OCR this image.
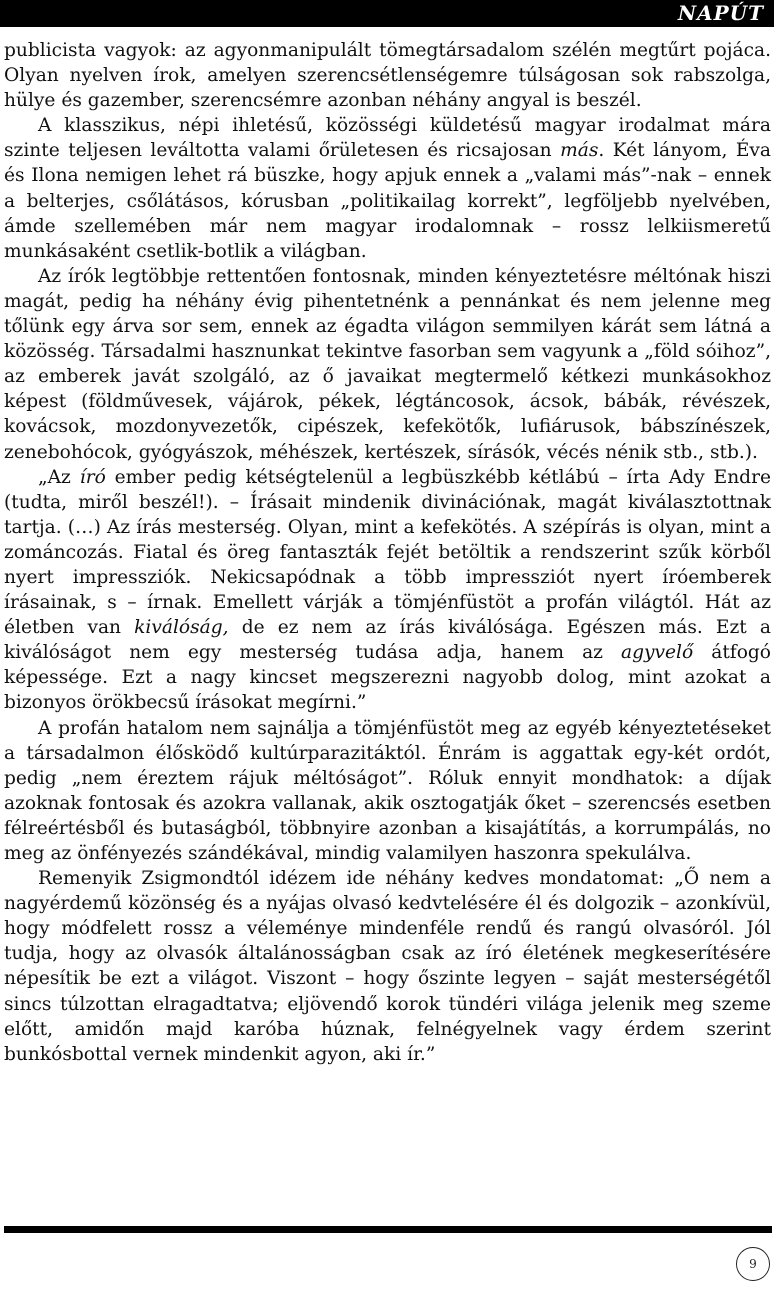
NAPÚT

publicista vagyok: az agyonmanipulált tömegtársadalom szélén megtűrt pojáca. Olyan nyelven írok, amelyen szerencsétlenségemre túlságosan sok rabszolga, hülye és gazember, szerencsémre azonban néhány angyal is beszél.

A klasszikus, népi ihletésű, közösségi küldetésű magyar irodalmat mára szinte teljesen leváltotta valami őrületesen és ricsajosan más. Két lányom, Éva és Ilona nemigen lehet rá büszke, hogy apjuk ennek a „valami más”-nak – ennek a belterjes, csőlátásos, kórusban „politikailag korrekt”, legföljebb nyelvében, ámde szellemében már nem magyar irodalomnak – rossz lelkiismeretű munkásaként csetlik-botlik a világban.

Az írók legtöbbje rettentően fontosnak, minden kényeztetésre méltónak hiszi magát, pedig ha néhány évig pihentetnénk a pennánkat és nem jelenne meg tőlünk egy árva sor sem, ennek az égadta világon semmilyen kárát sem látná a közösség. Társadalmi hasznunkat tekintve fasorban sem vagyunk a „föld sóihoz”, az emberek javát szolgáló, az ő javaikat megtermelő kétkezi munkásokhoz képest (földművesek, vájárok, pékek, légtáncosok, ácsok, bábák, révészek, kovácsok, mozdonyvezetők, cipészek, kefekötők, lufiárusok, bábszínészek, zenebohócok, gyógyászok, méhészek, kertészek, sírásók, vécés nénik stb., stb.).

„Az író ember pedig kétségtelenül a legbüszkébb kétlábú – írta Ady Endre (tudta, miről beszél!). – Írásait mindenik divinációnak, magát kiválasztottnak tartja. (…) Az írás mesterség. Olyan, mint a kefekötés. A szépírás is olyan, mint a zománcozás. Fiatal és öreg fantaszták fejét betöltik a rendszerint szűk körből nyert impressziók. Nekicsapódnak a több impressziót nyert íróemberek írásainak, s – írnak. Emellett várják a tömjénfüstöt a profán világtól. Hát az életben van kiválóság, de ez nem az írás kiválósága. Egészen más. Ezt a kiválóságot nem egy mesterség tudása adja, hanem az agyvelő átfogó képessége. Ezt a nagy kincset megszerezni nagyobb dolog, mint azokat a bizonyos örökbecsű írásokat megírni.”

A profán hatalom nem sajnálja a tömjénfüstöt meg az egyéb kényeztetéseket a társadalmon élősködő kultúrparazitáktól. Énrám is aggattak egy-két ordót, pedig „nem éreztem rájuk méltóságot”. Róluk ennyit mondhatok: a díjak azoknak fontosak és azokra vallanak, akik osztogatják őket – szerencsés esetben félreértésből és butaságból, többnyire azonban a kisajátítás, a korrumpálás, no meg az önfényezés szándékával, mindig valamilyen haszonra spekulálva.

Remenyik Zsigmondtól idézem ide néhány kedves mondatomat: „Ő nem a nagyérdemű közönség és a nyájas olvasó kedvtelésére él és dolgozik – azonkívül, hogy módfelett rossz a véleménye mindenféle rendű és rangú olvasóról. Jól tudja, hogy az olvasók általánosságban csak az író életének megkeserítésére népesítik be ezt a világot. Viszont – hogy őszinte legyen – saját mesterségétől sincs túlzottan elragadtatva; eljövendő korok tündéri világa jelenik meg szeme előtt, amidőn majd karóba húznak, felnégyelnek vagy érdem szerint bunkósbottal vernek mindenkit agyon, aki ír.”

9
